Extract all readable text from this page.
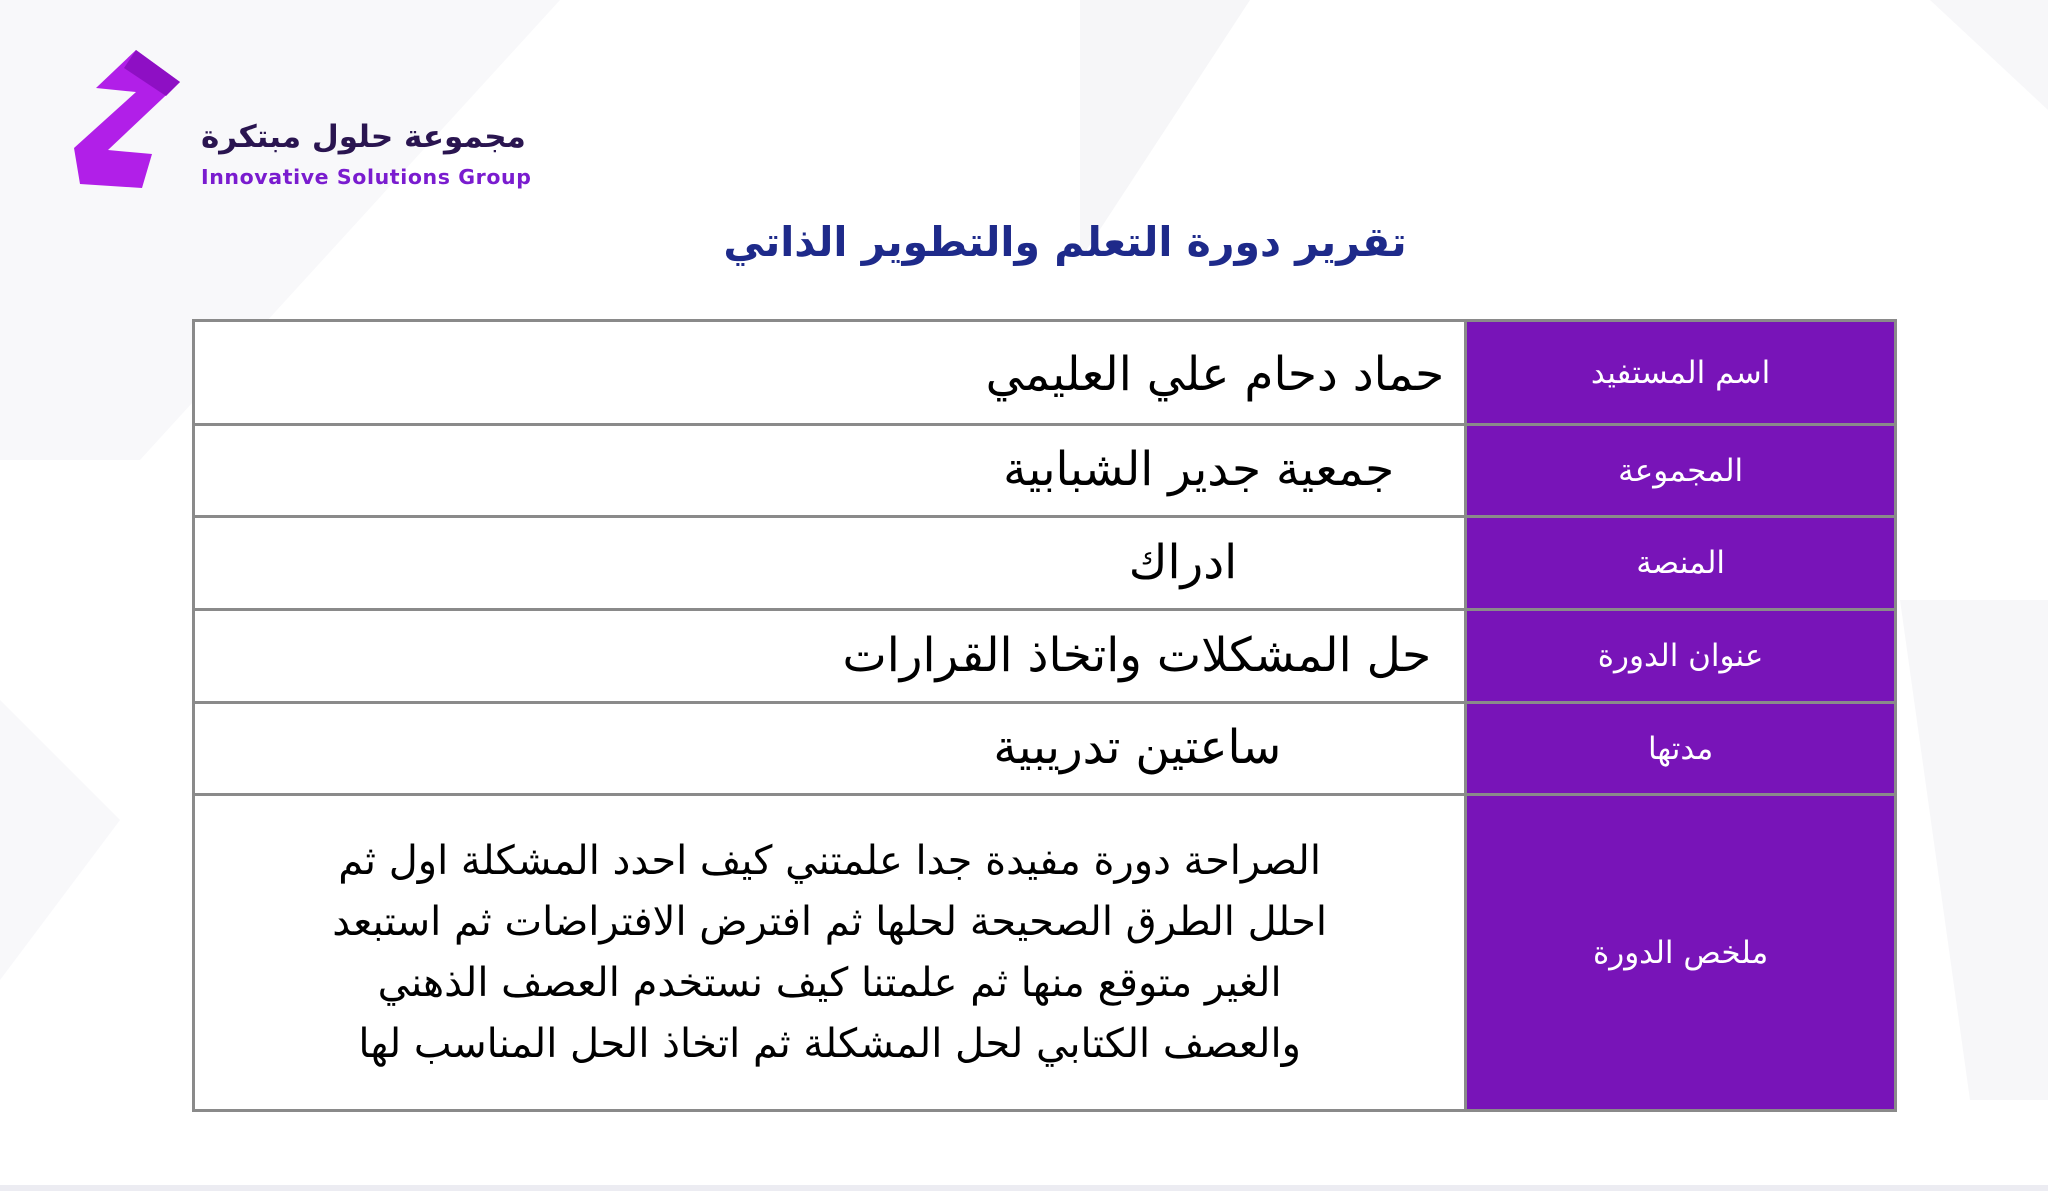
مجموعة حلول مبتكرة
Innovative Solutions Group
تقرير دورة التعلم والتطوير الذاتي
حماد دحام علي العليمي	اسم المستفيد
جمعية جدير الشبابية	المجموعة
ادراك	المنصة
حل المشكلات واتخاذ القرارات	عنوان الدورة
ساعتين تدريبية	مدتها

الصراحة دورة مفيدة جدا علمتني كيف احدد المشكلة اول ثم
احلل الطرق الصحيحة لحلها ثم افترض الافتراضات ثم استبعد
الغير متوقع منها ثم علمتنا كيف نستخدم العصف الذهني
والعصف الكتابي لحل المشكلة ثم اتخاذ الحل المناسب لها	ملخص الدورة
